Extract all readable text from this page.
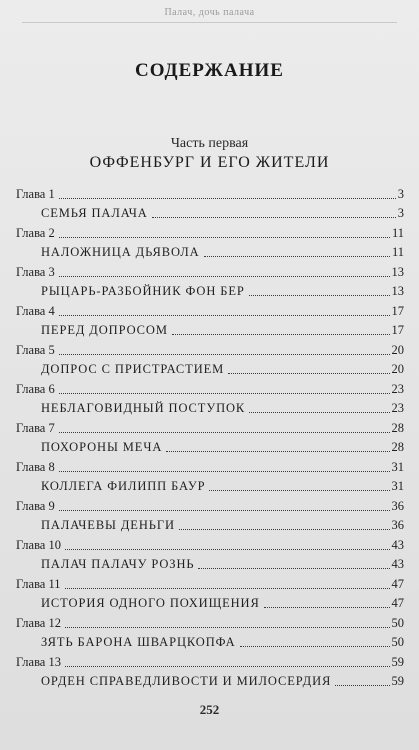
Палач, дочь палача
СОДЕРЖАНИЕ
Часть первая
ОФФЕНБУРГ И ЕГО ЖИТЕЛИ
Глава 1	3
СЕМЬЯ ПАЛАЧА	3
Глава 2	11
НАЛОЖНИЦА ДЬЯВОЛА	11
Глава 3	13
РЫЦАРЬ-РАЗБОЙНИК ФОН БЕР	13
Глава 4	17
ПЕРЕД ДОПРОСОМ	17
Глава 5	20
ДОПРОС С ПРИСТРАСТИЕМ	20
Глава 6	23
НЕБЛАГОВИДНЫЙ ПОСТУПОК	23
Глава 7	28
ПОХОРОНЫ МЕЧА	28
Глава 8	31
КОЛЛЕГА ФИЛИПП БАУР	31
Глава 9	36
ПАЛАЧЕВЫ ДЕНЬГИ	36
Глава 10	43
ПАЛАЧ ПАЛАЧУ РОЗНЬ	43
Глава 11	47
ИСТОРИЯ ОДНОГО ПОХИЩЕНИЯ	47
Глава 12	50
ЗЯТЬ БАРОНА ШВАРЦКОПФА	50
Глава 13	59
ОРДЕН СПРАВЕДЛИВОСТИ И МИЛОСЕРДИЯ	59
252
